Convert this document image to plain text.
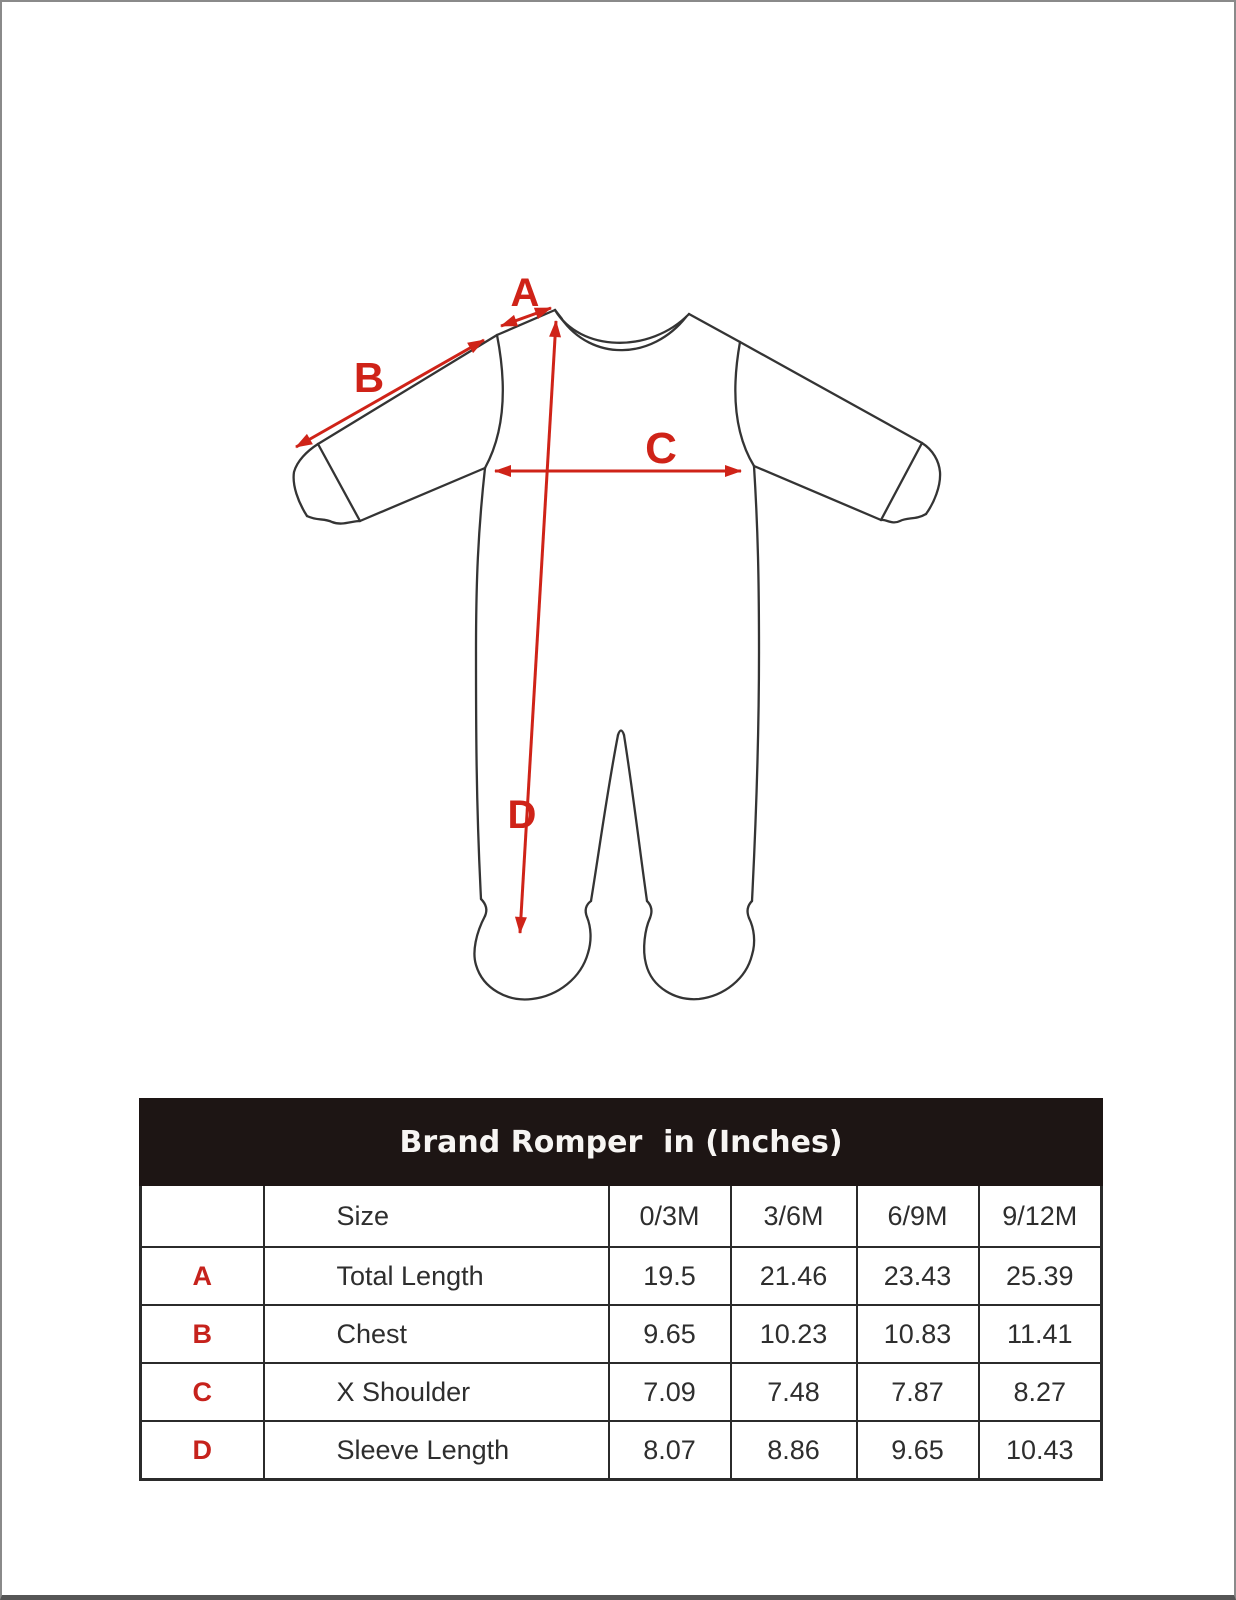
A
B
C
D
Brand Romper  in (Inches)					
	Size	0/3M	3/6M	6/9M	9/12M
A	Total Length	19.5	21.46	23.43	25.39
B	Chest	9.65	10.23	10.83	11.41
C	X Shoulder	7.09	7.48	7.87	8.27
D	Sleeve Length	8.07	8.86	9.65	10.43
